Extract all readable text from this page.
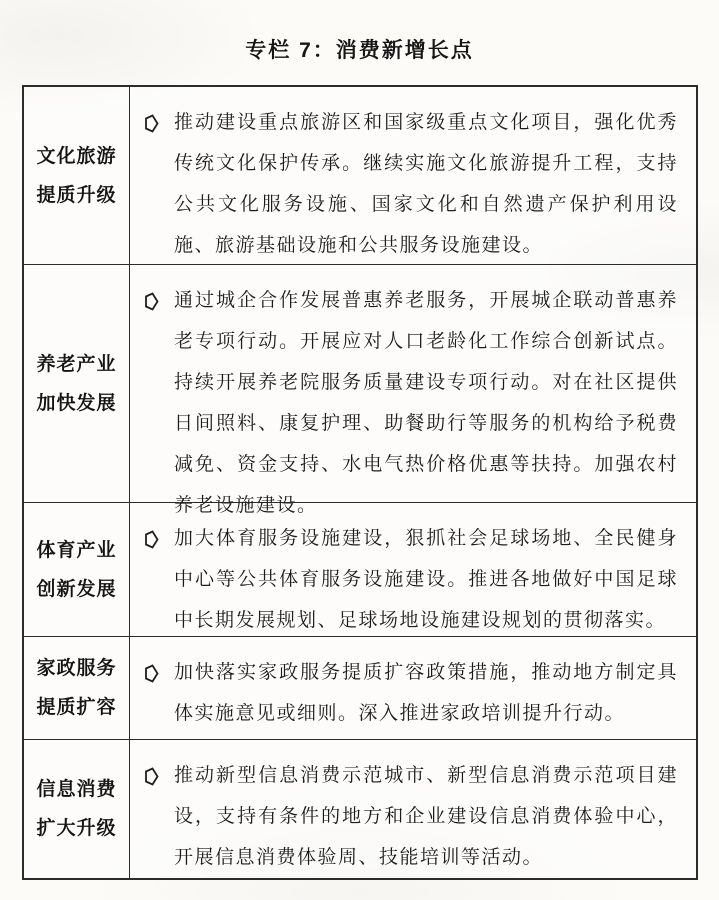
专栏 7：消费新增长点
文化旅游
提质升级
推动建设重点旅游区和国家级重点文化项目，强化优秀传统文化保护传承。继续实施文化旅游提升工程，支持公共文化服务设施、国家文化和自然遗产保护利用设施、旅游基础设施和公共服务设施建设。
养老产业
加快发展
通过城企合作发展普惠养老服务，开展城企联动普惠养老专项行动。开展应对人口老龄化工作综合创新试点。持续开展养老院服务质量建设专项行动。对在社区提供日间照料、康复护理、助餐助行等服务的机构给予税费减免、资金支持、水电气热价格优惠等扶持。加强农村养老设施建设。
体育产业
创新发展
加大体育服务设施建设，狠抓社会足球场地、全民健身中心等公共体育服务设施建设。推进各地做好中国足球中长期发展规划、足球场地设施建设规划的贯彻落实。
家政服务
提质扩容
加快落实家政服务提质扩容政策措施，推动地方制定具体实施意见或细则。深入推进家政培训提升行动。
信息消费
扩大升级
推动新型信息消费示范城市、新型信息消费示范项目建设，支持有条件的地方和企业建设信息消费体验中心，开展信息消费体验周、技能培训等活动。
